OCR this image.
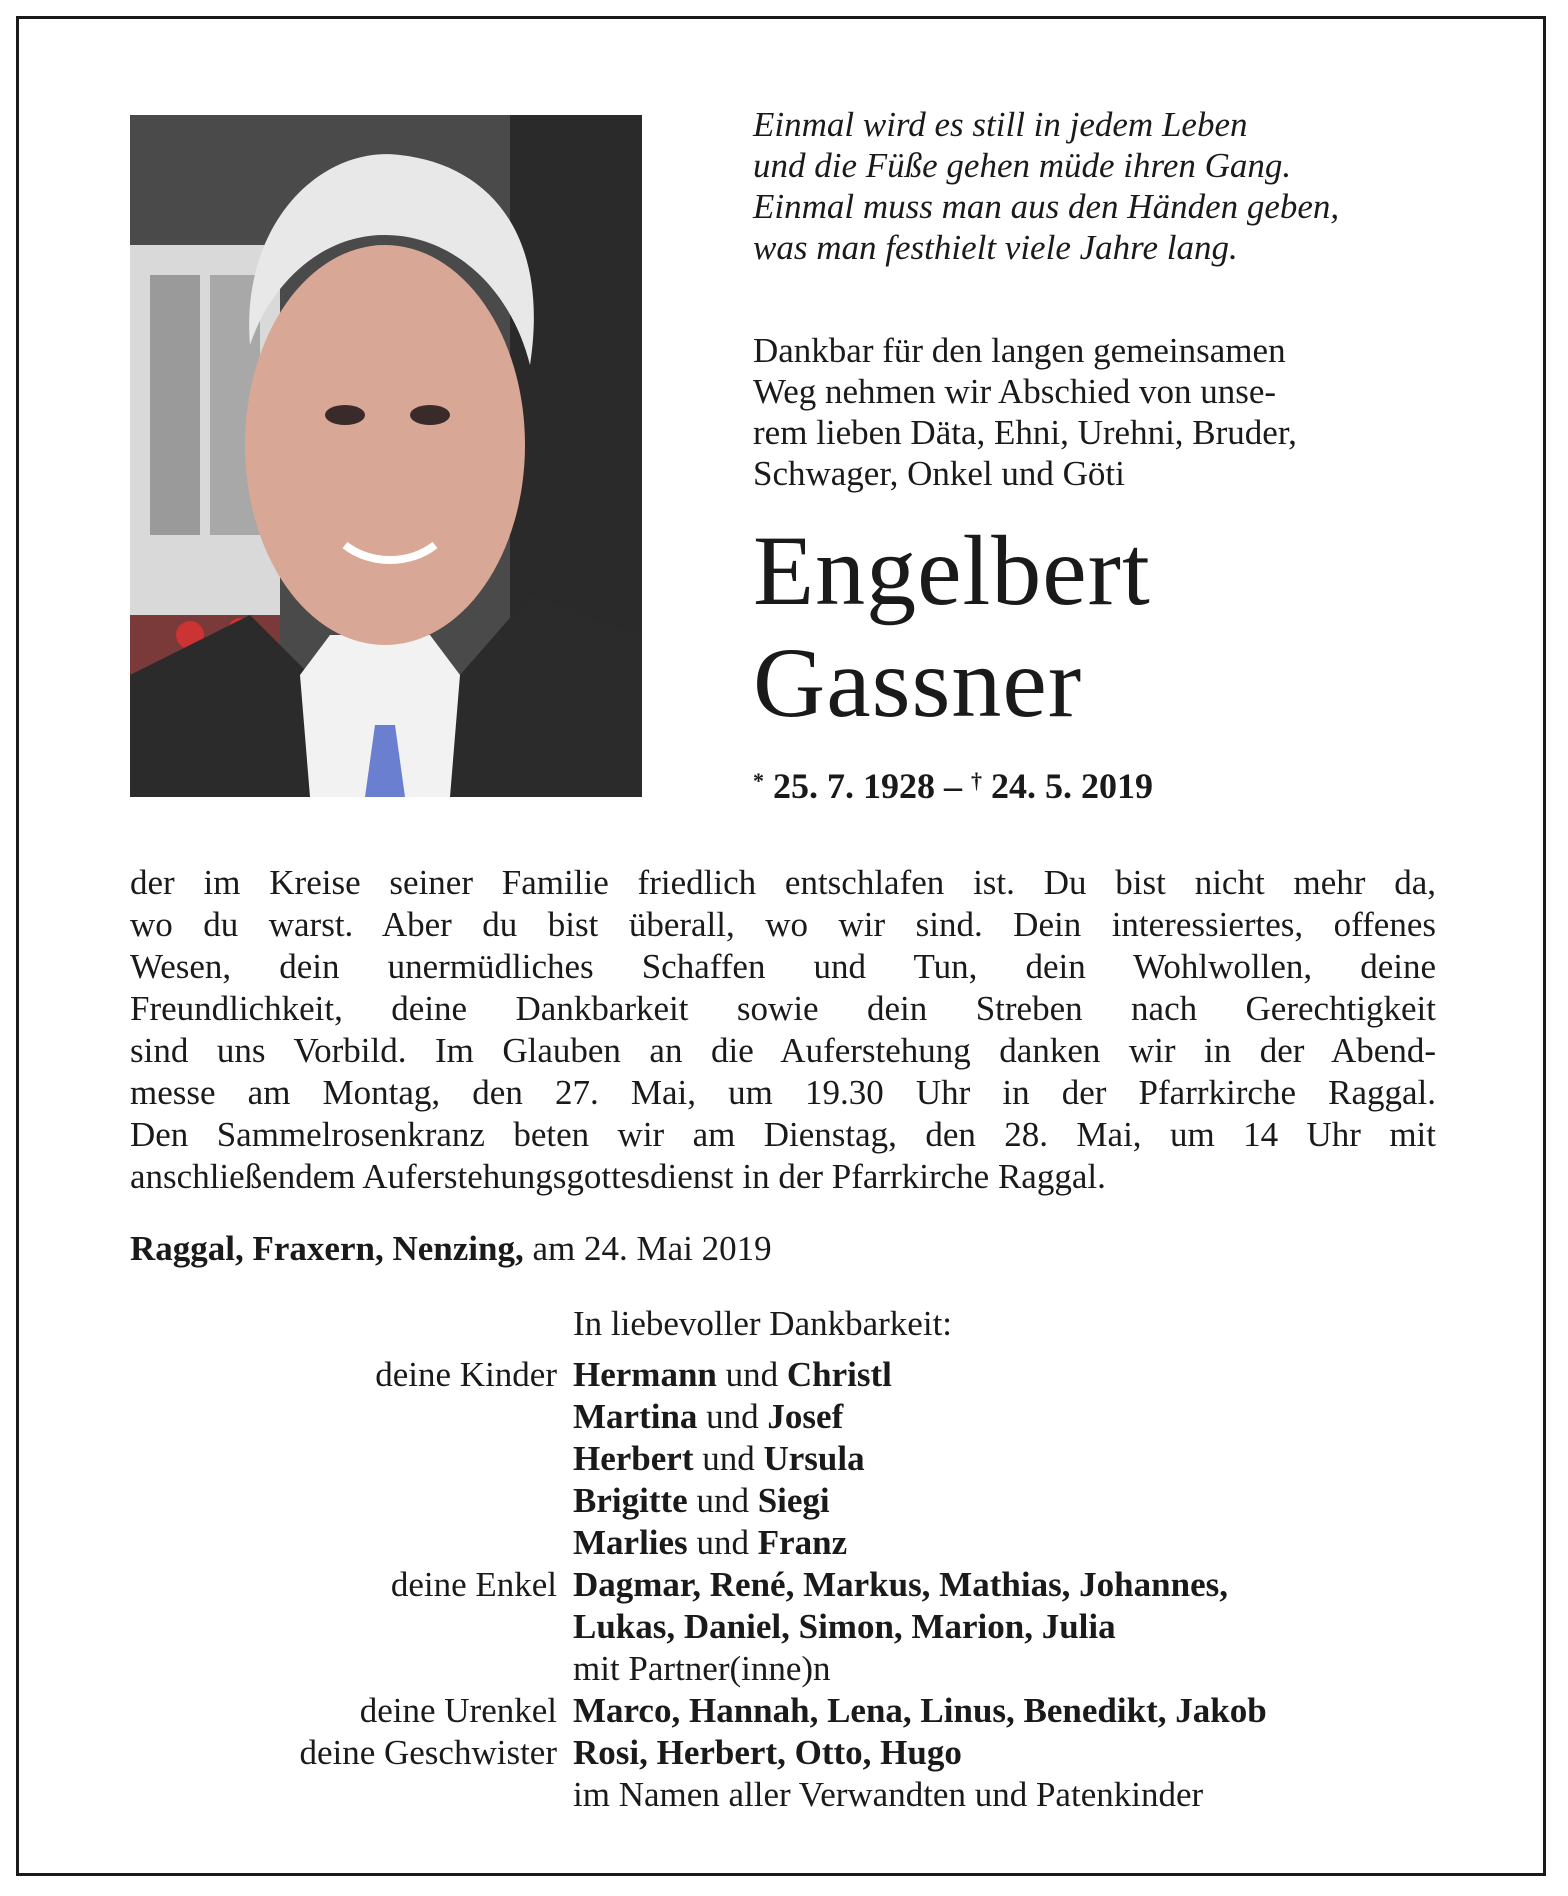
Einmal wird es still in jedem Leben
und die Füße gehen müde ihren Gang.
Einmal muss man aus den Händen geben,
was man festhielt viele Jahre lang.
Dankbar für den langen gemeinsamen
Weg nehmen wir Abschied von unse-
rem lieben Däta, Ehni, Urehni, Bruder,
Schwager, Onkel und Göti
Engelbert
Gassner
* 25. 7. 1928 – † 24. 5. 2019
der im Kreise seiner Familie friedlich entschlafen ist. Du bist nicht mehr da,
wo du warst. Aber du bist überall, wo wir sind. Dein interessiertes, offenes
Wesen, dein unermüdliches Schaffen und Tun, dein Wohlwollen, deine
Freundlichkeit, deine Dankbarkeit sowie dein Streben nach Gerechtigkeit
sind uns Vorbild. Im Glauben an die Auferstehung danken wir in der Abend-
messe am Montag, den 27. Mai, um 19.30 Uhr in der Pfarrkirche Raggal.
Den Sammelrosenkranz beten wir am Dienstag, den 28. Mai, um 14 Uhr mit
anschließendem Auferstehungsgottesdienst in der Pfarrkirche Raggal.
Raggal, Fraxern, Nenzing, am 24. Mai 2019
In liebevoller Dankbarkeit:
deine Kinder Hermann und Christl
Martina und Josef
Herbert und Ursula
Brigitte und Siegi
Marlies und Franz
deine Enkel Dagmar, René, Markus, Mathias, Johannes,
Lukas, Daniel, Simon, Marion, Julia
mit Partner(inne)n
deine Urenkel Marco, Hannah, Lena, Linus, Benedikt, Jakob
deine Geschwister Rosi, Herbert, Otto, Hugo
im Namen aller Verwandten und Patenkinder
